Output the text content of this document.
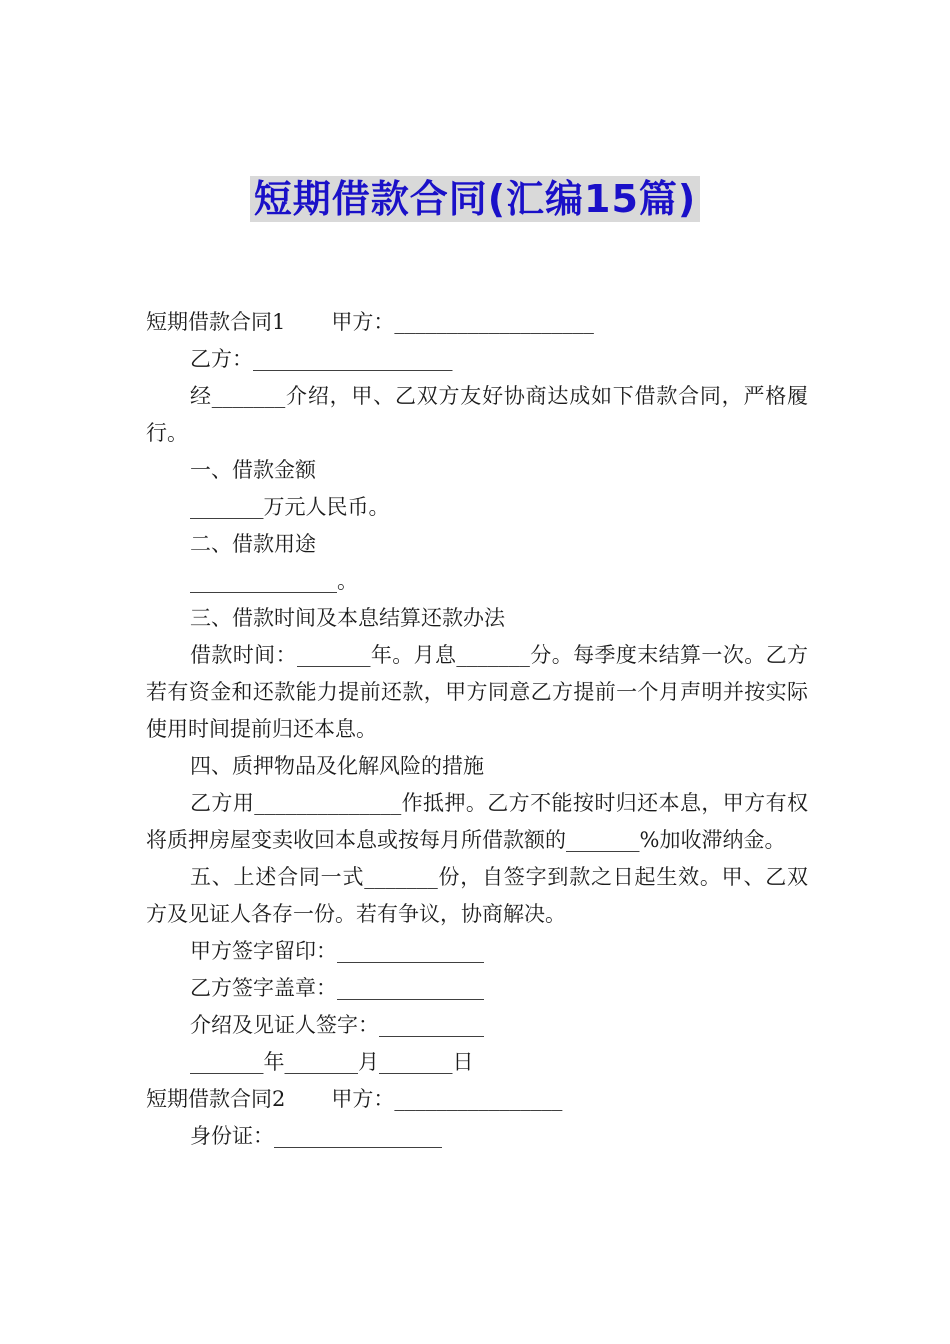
短期借款合同(汇编15篇)

短期借款合同1 甲方：___________________

乙方：___________________

经_______介绍，甲、乙双方友好协商达成如下借款合同，严格履行。

一、借款金额

_______万元人民币。

二、借款用途

______________。

三、借款时间及本息结算还款办法

借款时间：_______年。月息_______分。每季度末结算一次。乙方若有资金和还款能力提前还款，甲方同意乙方提前一个月声明并按实际使用时间提前归还本息。

四、质押物品及化解风险的措施

乙方用______________作抵押。乙方不能按时归还本息，甲方有权将质押房屋变卖收回本息或按每月所借款额的_______%加收滞纳金。

五、上述合同一式_______份，自签字到款之日起生效。甲、乙双方及见证人各存一份。若有争议，协商解决。

甲方签字留印：______________

乙方签字盖章：______________

介绍及见证人签字：__________

_______年_______月_______日

短期借款合同2 甲方：________________

身份证：________________
